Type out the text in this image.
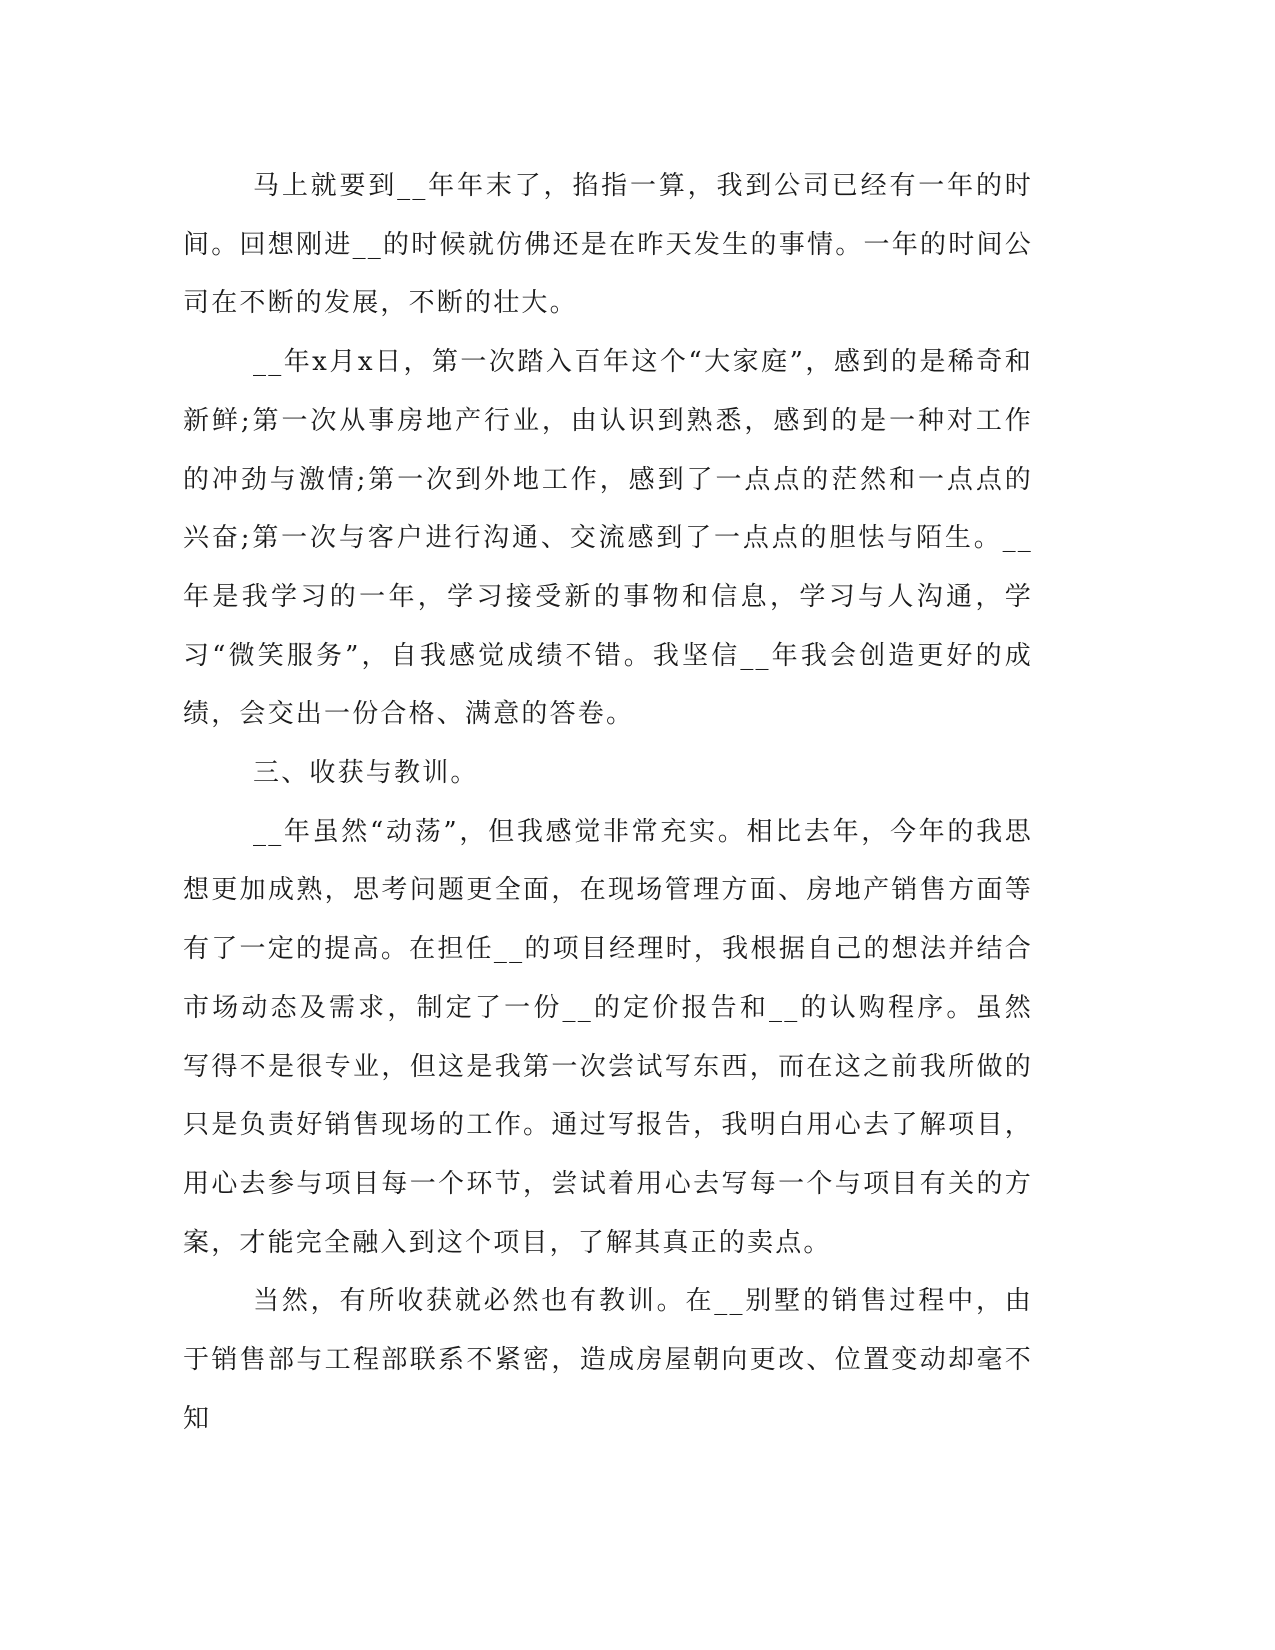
马上就要到__年年末了，掐指一算，我到公司已经有一年的时间。回想刚进__的时候就仿佛还是在昨天发生的事情。一年的时间公司在不断的发展，不断的壮大。

__年x月x日，第一次踏入百年这个“大家庭”，感到的是稀奇和新鲜;第一次从事房地产行业，由认识到熟悉，感到的是一种对工作的冲劲与激情;第一次到外地工作，感到了一点点的茫然和一点点的兴奋;第一次与客户进行沟通、交流感到了一点点的胆怯与陌生。__年是我学习的一年，学习接受新的事物和信息，学习与人沟通，学习“微笑服务”，自我感觉成绩不错。我坚信__年我会创造更好的成绩，会交出一份合格、满意的答卷。

三、收获与教训。

__年虽然“动荡”，但我感觉非常充实。相比去年，今年的我思想更加成熟，思考问题更全面，在现场管理方面、房地产销售方面等有了一定的提高。在担任__的项目经理时，我根据自己的想法并结合市场动态及需求，制定了一份__的定价报告和__的认购程序。虽然写得不是很专业，但这是我第一次尝试写东西，而在这之前我所做的只是负责好销售现场的工作。通过写报告，我明白用心去了解项目，用心去参与项目每一个环节，尝试着用心去写每一个与项目有关的方案，才能完全融入到这个项目，了解其真正的卖点。

当然，有所收获就必然也有教训。在__别墅的销售过程中，由于销售部与工程部联系不紧密，造成房屋朝向更改、位置变动却毫不知
